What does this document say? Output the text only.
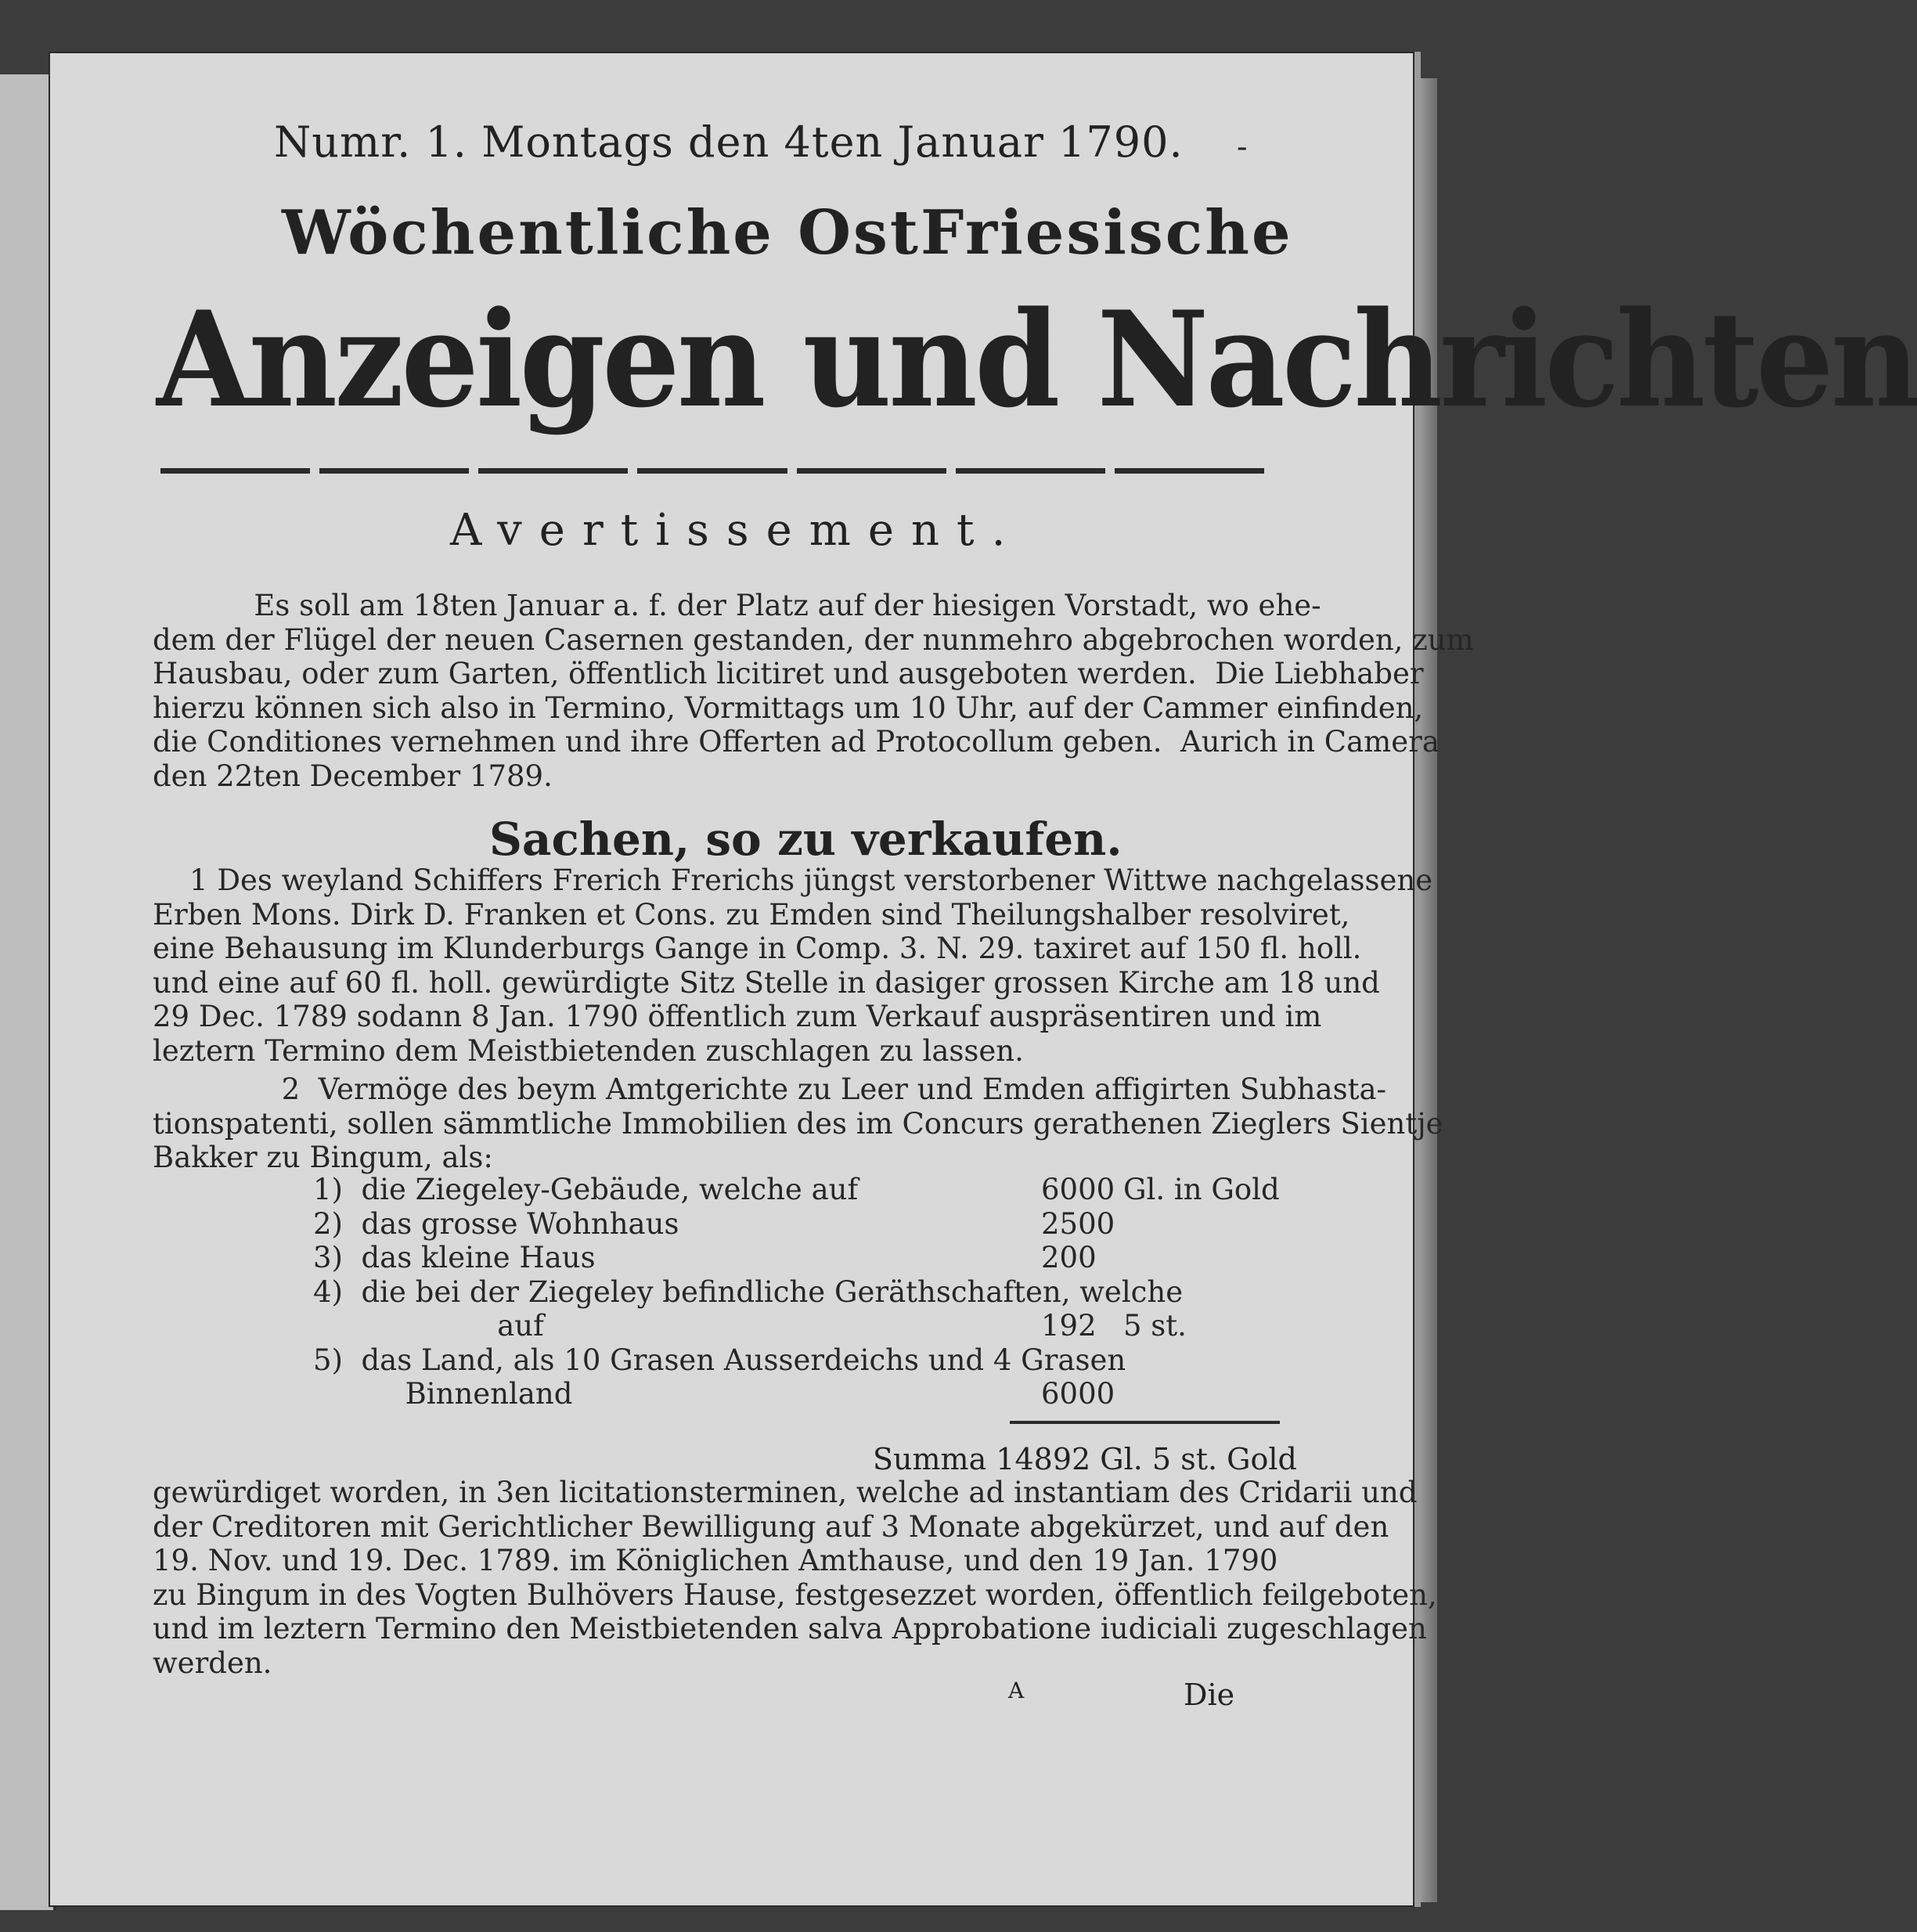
Numr. 1. Montags den 4ten Januar 1790. -
Wöchentliche OstFriesische
Anzeigen und Nachrichten
Avertissement.
Es soll am 18ten Januar a. f. der Platz auf der hiesigen Vorstadt, wo ehe-
dem der Flügel der neuen Casernen gestanden, der nunmehro abgebrochen worden, zum
Hausbau, oder zum Garten, öffentlich licitiret und ausgeboten werden.  Die Liebhaber
hierzu können sich also in Termino, Vormittags um 10 Uhr, auf der Cammer einfinden,
die Conditiones vernehmen und ihre Offerten ad Protocollum geben.  Aurich in Camera
den 22ten December 1789.
Sachen, so zu verkaufen.
1 Des weyland Schiffers Frerich Frerichs jüngst verstorbener Wittwe nachgelassene
Erben Mons. Dirk D. Franken et Cons. zu Emden sind Theilungshalber resolviret,
eine Behausung im Klunderburgs Gange in Comp. 3. N. 29. taxiret auf 150 fl. holl.
und eine auf 60 fl. holl. gewürdigte Sitz Stelle in dasiger grossen Kirche am 18 und
29 Dec. 1789 sodann 8 Jan. 1790 öffentlich zum Verkauf auspräsentiren und im
leztern Termino dem Meistbietenden zuschlagen zu lassen.
2  Vermöge des beym Amtgerichte zu Leer und Emden affigirten Subhasta-
tionspatenti, sollen sämmtliche Immobilien des im Concurs gerathenen Zieglers Sientje
Bakker zu Bingum, als:
1)  die Ziegeley-Gebäude, welche auf	6000 Gl. in Gold
2)  das grosse Wohnhaus	2500
3)  das kleine Haus	200
4)  die bei der Ziegeley befindliche Geräthschaften, welche
auf	192 5 st.
5)  das Land, als 10 Grasen Ausserdeichs und 4 Grasen
Binnenland	6000
Summa 14892 Gl. 5 st. Gold
gewürdiget worden, in 3en licitationsterminen, welche ad instantiam des Cridarii und
der Creditoren mit Gerichtlicher Bewilligung auf 3 Monate abgekürzet, und auf den
19. Nov. und 19. Dec. 1789. im Königlichen Amthause, und den 19 Jan. 1790
zu Bingum in des Vogten Bulhövers Hause, festgesezzet worden, öffentlich feilgeboten,
und im leztern Termino den Meistbietenden salva Approbatione iudiciali zugeschlagen
werden.
A	Die
